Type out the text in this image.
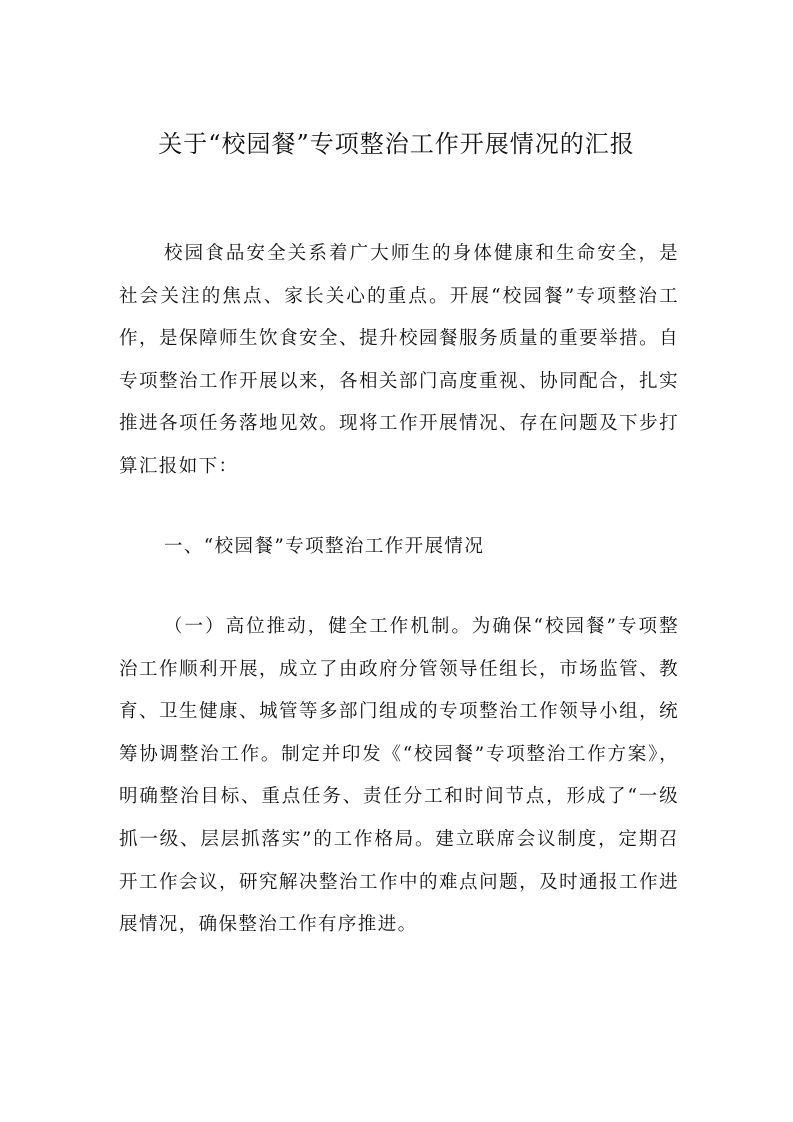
关于“校园餐”专项整治工作开展情况的汇报

校园食品安全关系着广大师生的身体健康和生命安全，是社会关注的焦点、家长关心的重点。开展“校园餐”专项整治工作，是保障师生饮食安全、提升校园餐服务质量的重要举措。自专项整治工作开展以来，各相关部门高度重视、协同配合，扎实推进各项任务落地见效。现将工作开展情况、存在问题及下步打算汇报如下：

一、“校园餐”专项整治工作开展情况

（一）高位推动，健全工作机制。为确保“校园餐”专项整治工作顺利开展，成立了由政府分管领导任组长，市场监管、教育、卫生健康、城管等多部门组成的专项整治工作领导小组，统筹协调整治工作。制定并印发《“校园餐”专项整治工作方案》，明确整治目标、重点任务、责任分工和时间节点，形成了“一级抓一级、层层抓落实”的工作格局。建立联席会议制度，定期召开工作会议，研究解决整治工作中的难点问题，及时通报工作进展情况，确保整治工作有序推进。
